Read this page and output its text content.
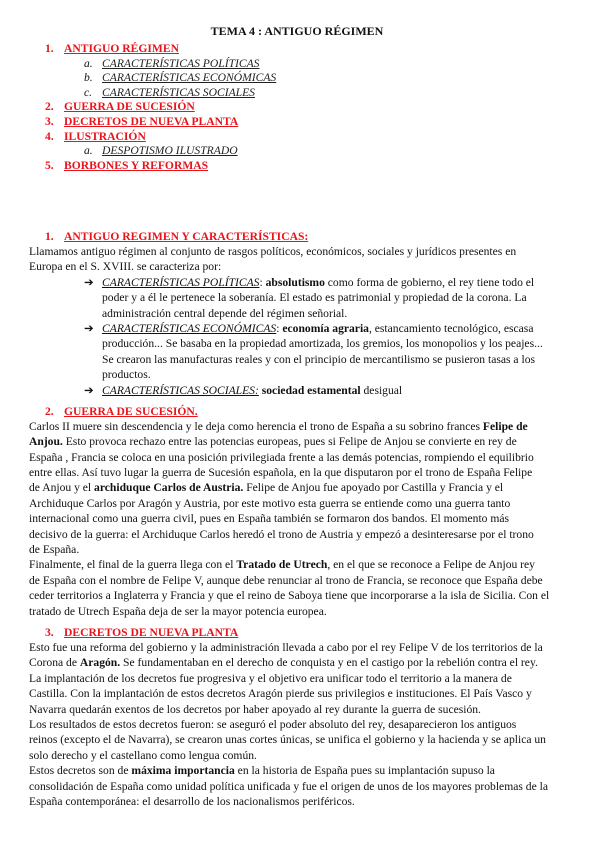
TEMA 4 : ANTIGUO RÉGIMEN
1. ANTIGUO RÉGIMEN
a. CARACTERÍSTICAS POLÍTICAS
b. CARACTERÍSTICAS ECONÓMICAS
c. CARACTERÍSTICAS SOCIALES
2. GUERRA DE SUCESIÓN
3. DECRETOS DE NUEVA PLANTA
4. ILUSTRACIÓN
a. DESPOTISMO ILUSTRADO
5. BORBONES Y REFORMAS
1. ANTIGUO REGIMEN Y CARACTERÍSTICAS:
Llamamos antiguo régimen al conjunto de rasgos políticos, económicos, sociales y jurídicos presentes en
Europa en el S. XVIII. se caracteriza por:
➔ CARACTERÍSTICAS POLÍTICAS: absolutismo como forma de gobierno, el rey tiene todo el
poder y a él le pertenece la soberanía. El estado es patrimonial y propiedad de la corona. La
administración central depende del régimen señorial.
➔ CARACTERÍSTICAS ECONÓMICAS: economía agraria, estancamiento tecnológico, escasa
producción... Se basaba en la propiedad amortizada, los gremios, los monopolios y los peajes...
Se crearon las manufacturas reales y con el principio de mercantilismo se pusieron tasas a los
productos.
➔ CARACTERÍSTICAS SOCIALES: sociedad estamental desigual
2. GUERRA DE SUCESIÓN.
Carlos II muere sin descendencia y le deja como herencia el trono de España a su sobrino frances Felipe de
Anjou. Esto provoca rechazo entre las potencias europeas, pues si Felipe de Anjou se convierte en rey de
España , Francia se coloca en una posición privilegiada frente a las demás potencias, rompiendo el equilibrio
entre ellas. Así tuvo lugar la guerra de Sucesión española, en la que disputaron por el trono de España Felipe
de Anjou y el archiduque Carlos de Austria. Felipe de Anjou fue apoyado por Castilla y Francia y el
Archiduque Carlos por Aragón y Austria, por este motivo esta guerra se entiende como una guerra tanto
internacional como una guerra civil, pues en España también se formaron dos bandos. El momento más
decisivo de la guerra: el Archiduque Carlos heredó el trono de Austria y empezó a desinteresarse por el trono
de España.
Finalmente, el final de la guerra llega con el Tratado de Utrech, en el que se reconoce a Felipe de Anjou rey
de España con el nombre de Felipe V, aunque debe renunciar al trono de Francia, se reconoce que España debe
ceder territorios a Inglaterra y Francia y que el reino de Saboya tiene que incorporarse a la isla de Sicilia. Con el
tratado de Utrech España deja de ser la mayor potencia europea.
3. DECRETOS DE NUEVA PLANTA
Esto fue una reforma del gobierno y la administración llevada a cabo por el rey Felipe V de los territorios de la
Corona de Aragón. Se fundamentaban en el derecho de conquista y en el castigo por la rebelión contra el rey.
La implantación de los decretos fue progresiva y el objetivo era unificar todo el territorio a la manera de
Castilla. Con la implantación de estos decretos Aragón pierde sus privilegios e instituciones. El País Vasco y
Navarra quedarán exentos de los decretos por haber apoyado al rey durante la guerra de sucesión.
Los resultados de estos decretos fueron: se aseguró el poder absoluto del rey, desaparecieron los antiguos
reinos (excepto el de Navarra), se crearon unas cortes únicas, se unifica el gobierno y la hacienda y se aplica un
solo derecho y el castellano como lengua común.
Estos decretos son de máxima importancia en la historia de España pues su implantación supuso la
consolidación de España como unidad política unificada y fue el origen de unos de los mayores problemas de la
España contemporánea: el desarrollo de los nacionalismos periféricos.
